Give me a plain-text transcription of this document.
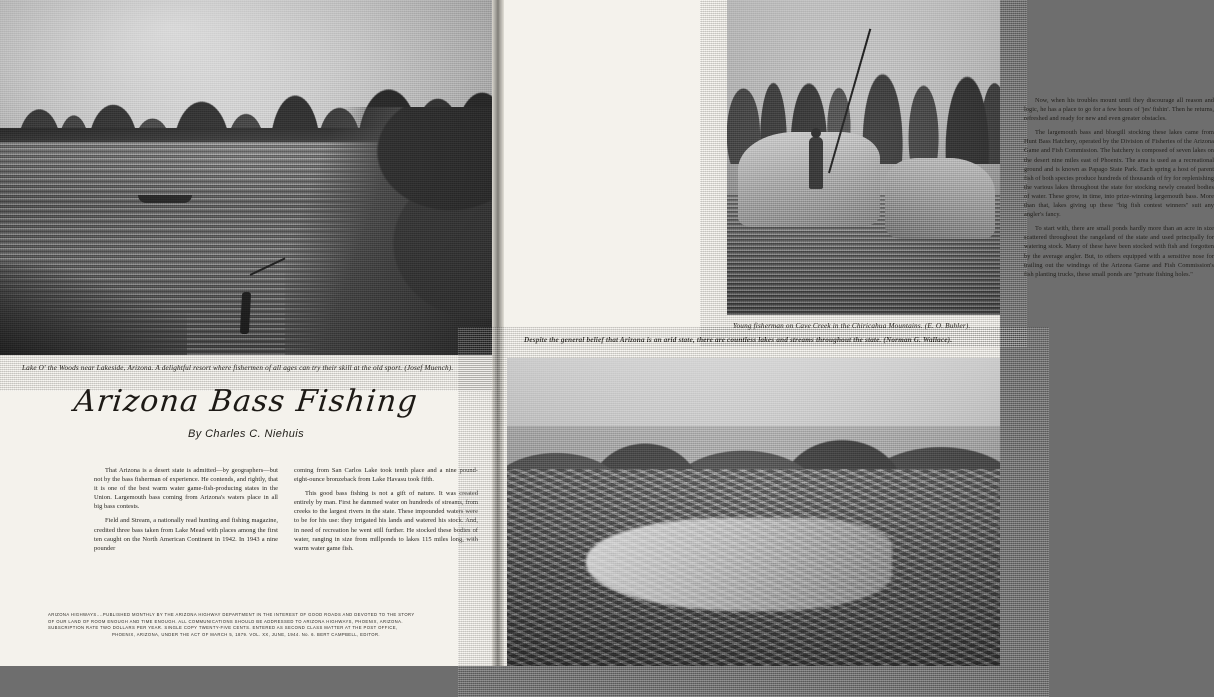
Lake O' the Woods near Lakeside, Arizona. A delightful resort where fishermen of all ages can try their skill at the old sport. (Josef Muench).
Arizona Bass Fishing
By Charles C. Niehuis

That Arizona is a desert state is admitted—by geographers—but not by the bass fisherman of experience. He contends, and rightly, that it is one of the best warm water game-fish-producing states in the Union. Largemouth bass coming from Arizona's waters place in all big bass contests.

Field and Stream, a nationally read hunting and fishing magazine, credited three bass taken from Lake Mead with places among the first ten caught on the North American Continent in 1942. In 1943 a nine pounder

coming from San Carlos Lake took tenth place and a nine pound-eight-ounce bronzeback from Lake Havasu took fifth.

This good bass fishing is not a gift of nature. It was created entirely by man. First he dammed water on hundreds of streams, from creeks to the largest rivers in the state. These impounded waters were to be for his use: they irrigated his lands and watered his stock. And, in need of recreation he went still further. He stocked these bodies of water, ranging in size from millponds to lakes 115 miles long, with warm water game fish.

ARIZONA HIGHWAYS....PUBLISHED MONTHLY BY THE ARIZONA HIGHWAY DEPARTMENT IN THE INTEREST OF GOOD ROADS AND DEVOTED TO THE STORY
OF OUR LAND OF ROOM ENOUGH AND TIME ENOUGH. ALL COMMUNICATIONS SHOULD BE ADDRESSED TO ARIZONA HIGHWAYS, PHOENIX, ARIZONA.
SUBSCRIPTION RATE TWO DOLLARS PER YEAR. SINGLE COPY TWENTY-FIVE CENTS. ENTERED AS SECOND CLASS MATTER AT THE POST OFFICE,
PHOENIX, ARIZONA, UNDER THE ACT OF MARCH 5, 1879. VOL. XX, JUNE, 1944. No. 6. BERT CAMPBELL, EDITOR.

Now, when his troubles mount until they discourage all reason and logic, he has a place to go for a few hours of 'jes' fishin'. Then he returns, refreshed and ready for new and even greater obstacles.

The largemouth bass and bluegill stocking these lakes came from Hunt Bass Hatchery, operated by the Division of Fisheries of the Arizona Game and Fish Commission. The hatchery is composed of seven lakes on the desert nine miles east of Phoenix. The area is used as a recreational ground and is known as Papago State Park. Each spring a host of parent fish of both species produce hundreds of thousands of fry for replenishing the various lakes throughout the state for stocking newly created bodies of water. These grow, in time, into prize-winning largemouth bass. More than that, lakes giving up these "big fish contest winners" suit any angler's fancy.

To start with, there are small ponds hardly more than an acre in size scattered throughout the rangeland of the state and used principally for watering stock. Many of these have been stocked with fish and forgotten by the average angler. But, to others equipped with a sensitive nose for trailing out the windings of the Arizona Game and Fish Commission's fish planting trucks, these small ponds are "private fishing holes."

Young fisherman on Cave Creek in the Chiricahua Mountains. (E. O. Buhler).
Despite the general belief that Arizona is an arid state, there are countless lakes and streams throughout the state. (Norman G. Wallace).
